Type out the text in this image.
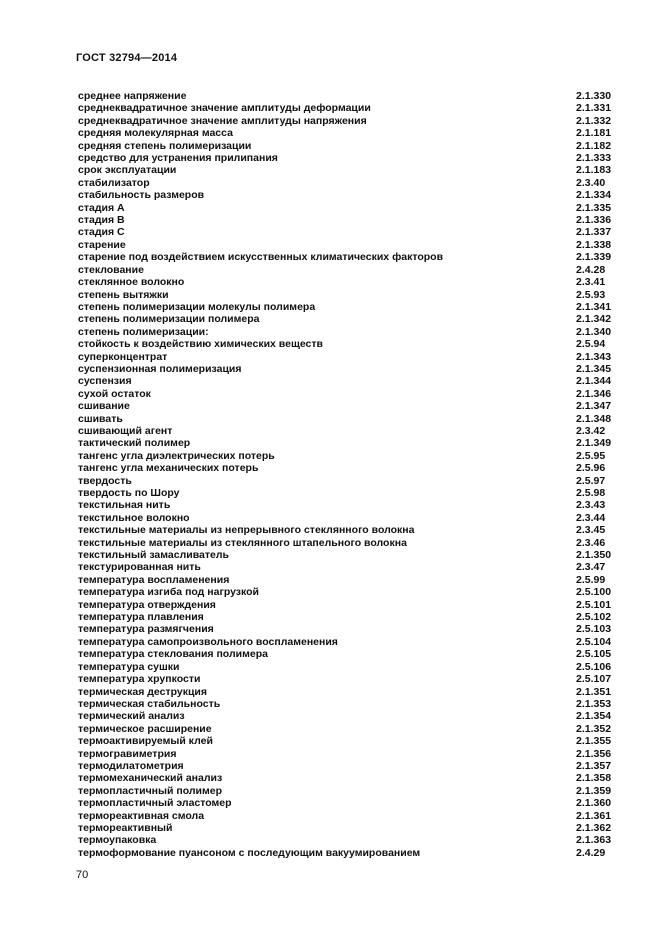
ГОСТ 32794—2014
среднее напряжение	2.1.330
среднеквадратичное значение амплитуды деформации	2.1.331
среднеквадратичное значение амплитуды напряжения	2.1.332
средняя молекулярная масса	2.1.181
средняя степень полимеризации	2.1.182
средство для устранения прилипания	2.1.333
срок эксплуатации	2.1.183
стабилизатор	2.3.40
стабильность размеров	2.1.334
стадия A	2.1.335
стадия B	2.1.336
стадия C	2.1.337
старение	2.1.338
старение под воздействием искусственных климатических факторов	2.1.339
стеклование	2.4.28
стеклянное волокно	2.3.41
степень вытяжки	2.5.93
степень полимеризации молекулы полимера	2.1.341
степень полимеризации полимера	2.1.342
степень полимеризации:	2.1.340
стойкость к воздействию химических веществ	2.5.94
суперконцентрат	2.1.343
суспензионная полимеризация	2.1.345
суспензия	2.1.344
сухой остаток	2.1.346
сшивание	2.1.347
сшивать	2.1.348
сшивающий агент	2.3.42
тактический полимер	2.1.349
тангенс угла диэлектрических потерь	2.5.95
тангенс угла механических потерь	2.5.96
твердость	2.5.97
твердость по Шору	2.5.98
текстильная нить	2.3.43
текстильное волокно	2.3.44
текстильные материалы из непрерывного стеклянного волокна	2.3.45
текстильные материалы из стеклянного штапельного волокна	2.3.46
текстильный замасливатель	2.1.350
текстурированная нить	2.3.47
температура воспламенения	2.5.99
температура изгиба под нагрузкой	2.5.100
температура отверждения	2.5.101
температура плавления	2.5.102
температура размягчения	2.5.103
температура самопроизвольного воспламенения	2.5.104
температура стеклования полимера	2.5.105
температура сушки	2.5.106
температура хрупкости	2.5.107
термическая деструкция	2.1.351
термическая стабильность	2.1.353
термический анализ	2.1.354
термическое расширение	2.1.352
термоактивируемый клей	2.1.355
термогравиметрия	2.1.356
термодилатометрия	2.1.357
термомеханический анализ	2.1.358
термопластичный полимер	2.1.359
термопластичный эластомер	2.1.360
термореактивная смола	2.1.361
термореактивный	2.1.362
термоупаковка	2.1.363
термоформование пуансоном с последующим вакуумированием	2.4.29
70
